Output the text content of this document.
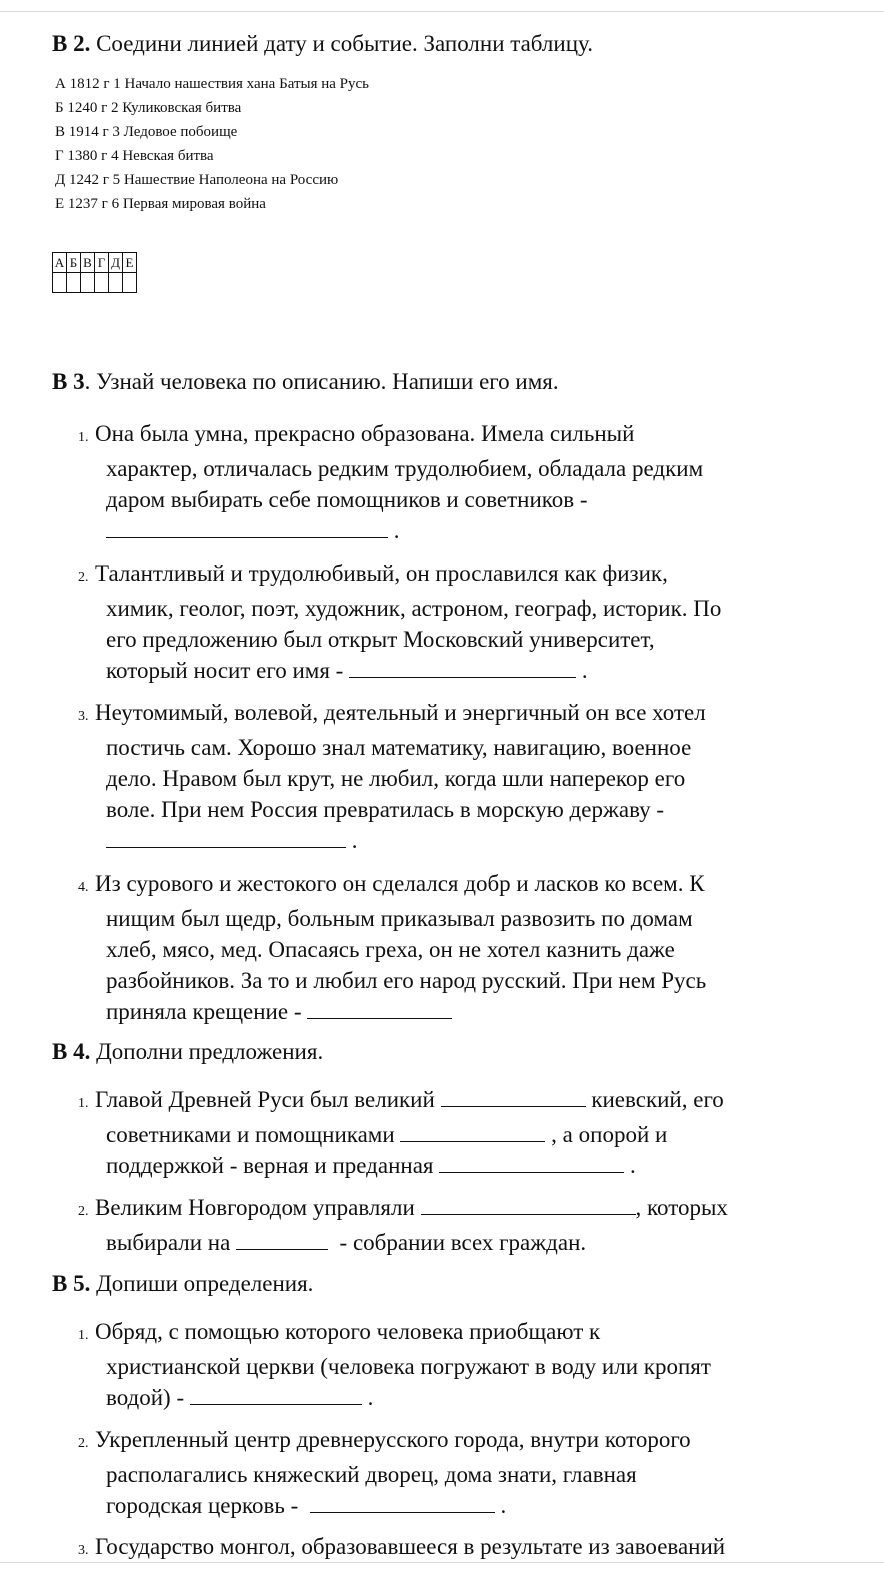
В 2. Соедини линией дату и событие. Заполни таблицу.
А 1812 г 1 Начало нашествия хана Батыя на Русь
Б 1240 г 2 Куликовская битва
В 1914 г 3 Ледовое побоище
Г 1380 г 4 Невская битва
Д 1242 г 5 Нашествие Наполеона на Россию
Е 1237 г 6 Первая мировая война
А	Б	В	Г	Д	Е

В 3. Узнай человека по описанию. Напиши его имя.
1. Она была умна, прекрасно образована. Имела сильный
характер, отличалась редким трудолюбием, обладала редким
даром выбирать себе помощников и советников -
.
2. Талантливый и трудолюбивый, он прославился как физик,
химик, геолог, поэт, художник, астроном, географ, историк. По
его предложению был открыт Московский университет,
который носит его имя -	.
3. Неутомимый, волевой, деятельный и энергичный он все хотел
постичь сам. Хорошо знал математику, навигацию, военное
дело. Нравом был крут, не любил, когда шли наперекор его
воле. При нем Россия превратилась в морскую державу -
.
4. Из сурового и жестокого он сделался добр и ласков ко всем. К
нищим был щедр, больным приказывал развозить по домам
хлеб, мясо, мед. Опасаясь греха, он не хотел казнить даже
разбойников. За то и любил его народ русский. При нем Русь
приняла крещение -
В 4. Дополни предложения.
1. Главой Древней Руси был великий	киевский, его
советниками и помощниками	, а опорой и
поддержкой - верная и преданная	.
2. Великим Новгородом управляли	, которых
выбирали на	- собрании всех граждан.
В 5. Допиши определения.
1. Обряд, с помощью которого человека приобщают к
христианской церкви (человека погружают в воду или кропят
водой) -	.
2. Укрепленный центр древнерусского города, внутри которого
располагались княжеский дворец, дома знати, главная
городская церковь -	.
3. Государство монгол, образовавшееся в результате из завоеваний
